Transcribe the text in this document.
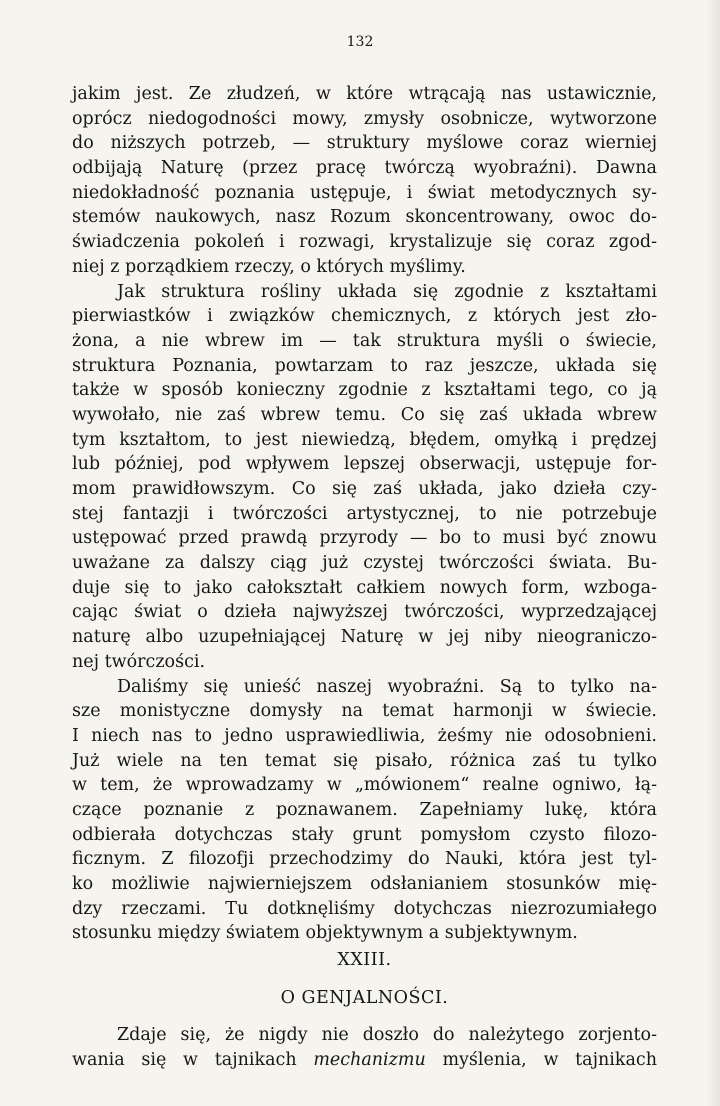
132
jakim jest. Ze złudzeń, w które wtrącają nas ustawicznie,
oprócz niedogodności mowy, zmysły osobnicze, wytworzone
do niższych potrzeb, — struktury myślowe coraz wierniej
odbijają Naturę (przez pracę twórczą wyobraźni). Dawna
niedokładność poznania ustępuje, i świat metodycznych sy-
stemów naukowych, nasz Rozum skoncentrowany, owoc do-
świadczenia pokoleń i rozwagi, krystalizuje się coraz zgod-
niej z porządkiem rzeczy, o których myślimy.
Jak struktura rośliny układa się zgodnie z kształtami
pierwiastków i związków chemicznych, z których jest zło-
żona, a nie wbrew im — tak struktura myśli o świecie,
struktura Poznania, powtarzam to raz jeszcze, układa się
także w sposób konieczny zgodnie z kształtami tego, co ją
wywołało, nie zaś wbrew temu. Co się zaś układa wbrew
tym kształtom, to jest niewiedzą, błędem, omyłką i prędzej
lub później, pod wpływem lepszej obserwacji, ustępuje for-
mom prawidłowszym. Co się zaś układa, jako dzieła czy-
stej fantazji i twórczości artystycznej, to nie potrzebuje
ustępować przed prawdą przyrody — bo to musi być znowu
uważane za dalszy ciąg już czystej twórczości świata. Bu-
duje się to jako całokształt całkiem nowych form, wzboga-
cając świat o dzieła najwyższej twórczości, wyprzedzającej
naturę albo uzupełniającej Naturę w jej niby nieograniczo-
nej twórczości.
Daliśmy się unieść naszej wyobraźni. Są to tylko na-
sze monistyczne domysły na temat harmonji w świecie.
I niech nas to jedno usprawiedliwia, żeśmy nie odosobnieni.
Już wiele na ten temat się pisało, różnica zaś tu tylko
w tem, że wprowadzamy w „mówionem“ realne ogniwo, łą-
czące poznanie z poznawanem. Zapełniamy lukę, która
odbierała dotychczas stały grunt pomysłom czysto filozo-
ficznym. Z filozofji przechodzimy do Nauki, która jest tyl-
ko możliwie najwierniejszem odsłanianiem stosunków mię-
dzy rzeczami. Tu dotknęliśmy dotychczas niezrozumiałego
stosunku między światem objektywnym a subjektywnym.
XXIII.
O GENJALNOŚCI.
Zdaje się, że nigdy nie doszło do należytego zorjento-
wania się w tajnikach mechanizmu myślenia, w tajnikach
